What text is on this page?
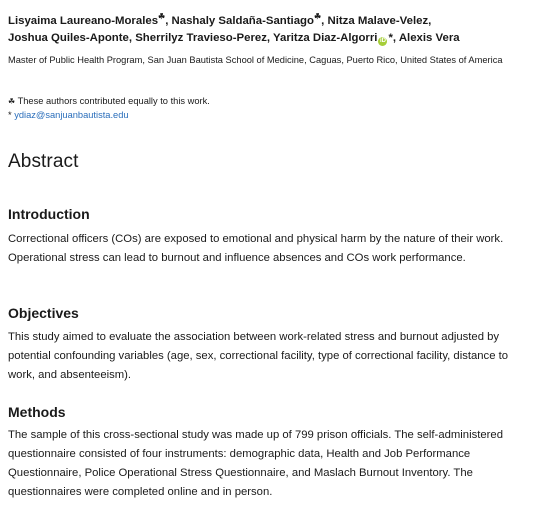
Lisyaima Laureano-Morales☘, Nashaly Saldaña-Santiago☘, Nitza Malave-Velez,
Joshua Quiles-Aponte, Sherrilyz Travieso-Perez, Yaritza Diaz-Algorri iD *, Alexis Vera
Master of Public Health Program, San Juan Bautista School of Medicine, Caguas, Puerto Rico, United States of America
☘ These authors contributed equally to this work.
* ydiaz@sanjuanbautista.edu
Abstract
Introduction

Correctional officers (COs) are exposed to emotional and physical harm by the nature of their work. Operational stress can lead to burnout and influence absences and COs work performance.

Objectives

This study aimed to evaluate the association between work-related stress and burnout adjusted by potential confounding variables (age, sex, correctional facility, type of correctional facility, distance to work, and absenteeism).

Methods

The sample of this cross-sectional study was made up of 799 prison officials. The self-administered questionnaire consisted of four instruments: demographic data, Health and Job Performance Questionnaire, Police Operational Stress Questionnaire, and Maslach Burnout Inventory. The questionnaires were completed online and in person.
